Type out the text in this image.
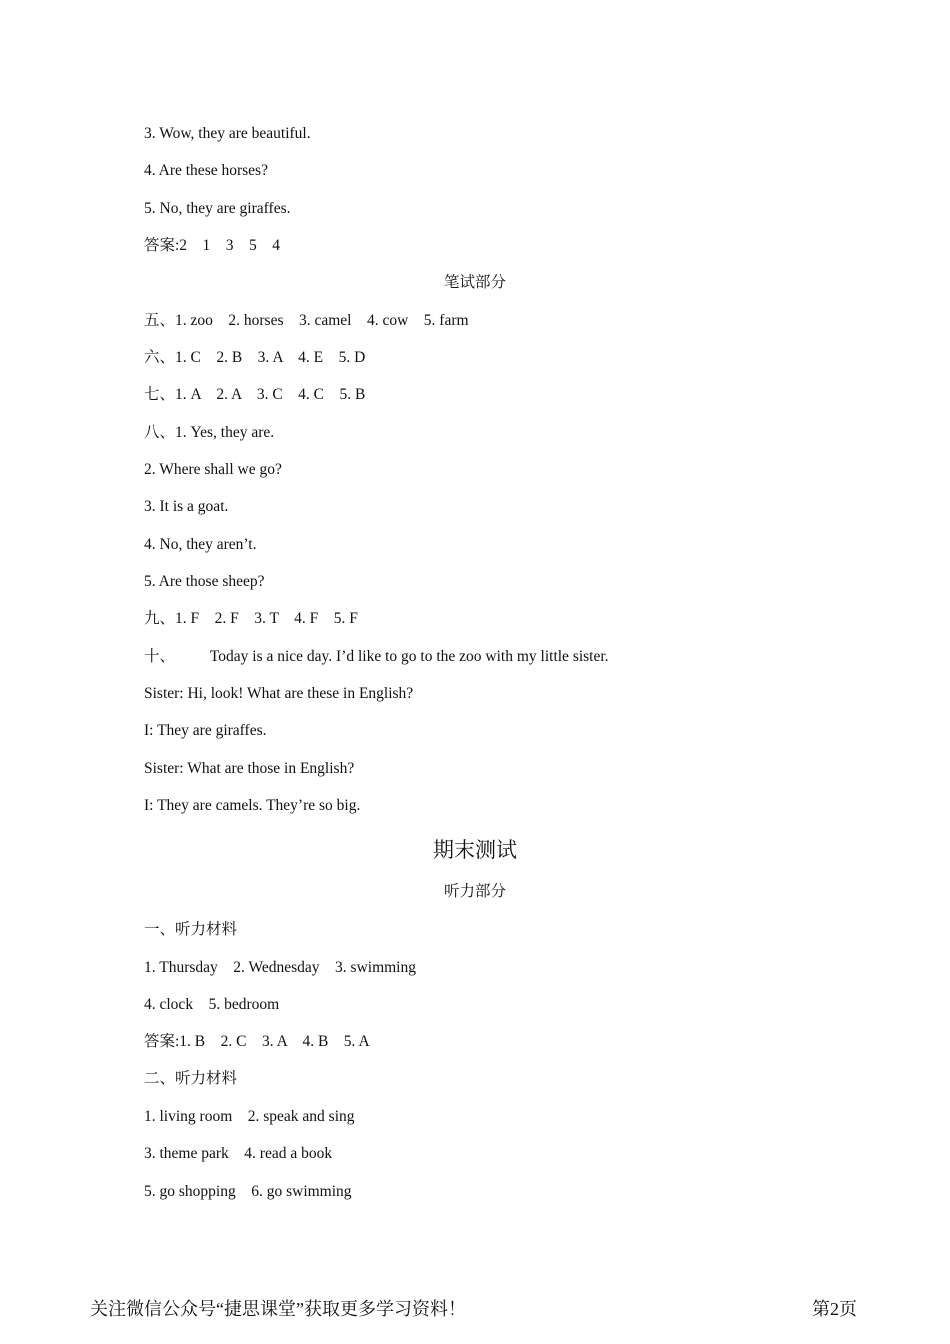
3. Wow, they are beautiful.
4. Are these horses?
5. No, they are giraffes.
答案:2    1    3    5    4
笔试部分
五、1. zoo    2. horses    3. camel    4. cow    5. farm
六、1. C    2. B    3. A    4. E    5. D
七、1. A    2. A    3. C    4. C    5. B
八、1. Yes, they are.
2. Where shall we go?
3. It is a goat.
4. No, they aren’t.
5. Are those sheep?
九、1. F    2. F    3. T    4. F    5. F
十、         Today is a nice day. I’d like to go to the zoo with my little sister.
Sister: Hi, look! What are these in English?
I: They are giraffes.
Sister: What are those in English?
I: They are camels. They’re so big.
期末测试
听力部分
一、听力材料
1. Thursday    2. Wednesday    3. swimming
4. clock    5. bedroom
答案:1. B    2. C    3. A    4. B    5. A
二、听力材料
1. living room    2. speak and sing
3. theme park    4. read a book
5. go shopping    6. go swimming
关注微信公众号“捷思课堂”获取更多学习资料！	第2页
